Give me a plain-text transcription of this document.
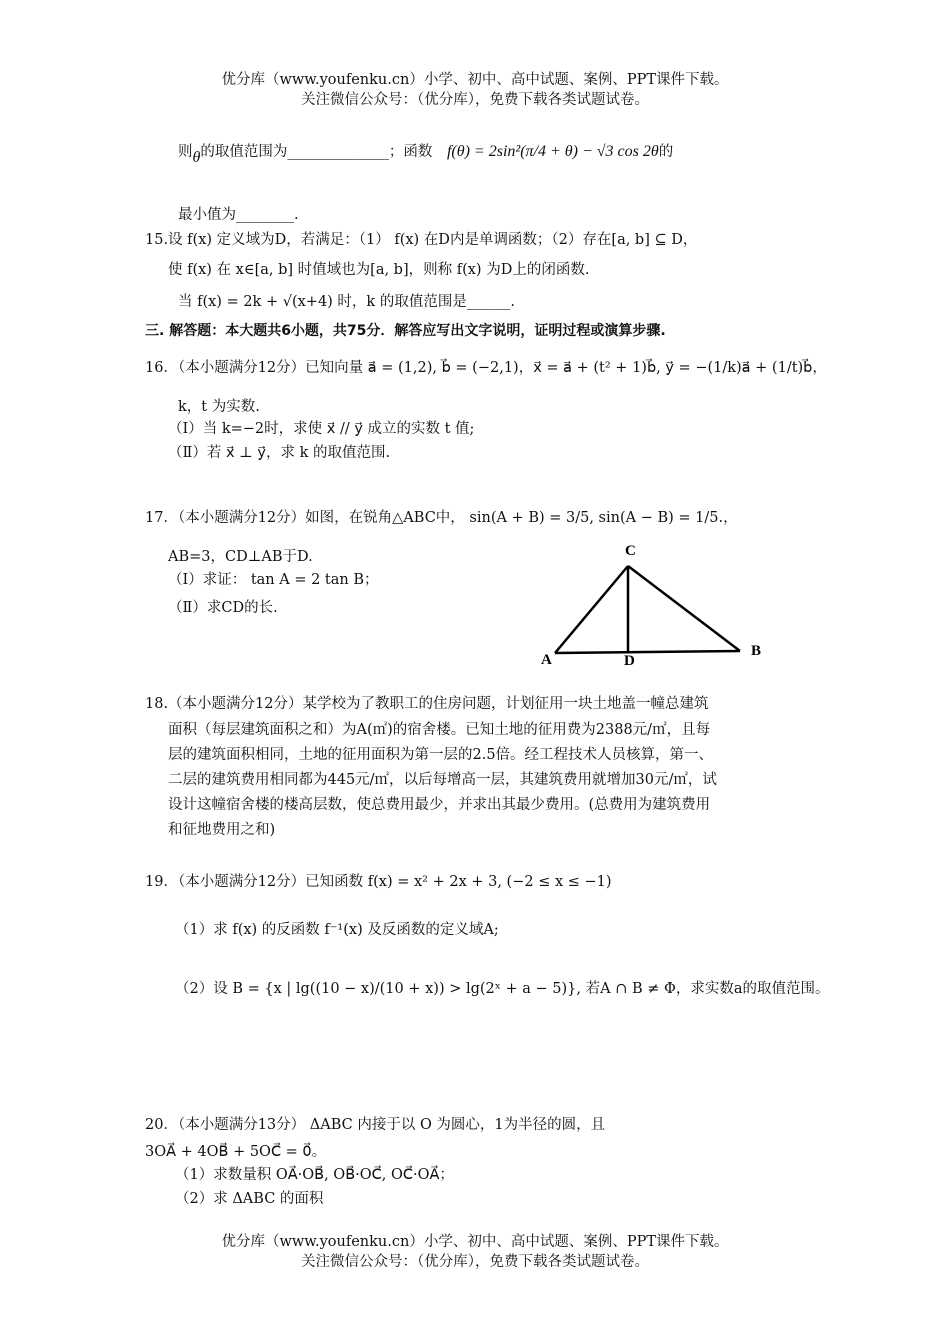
优分库（www.youfenku.cn）小学、初中、高中试题、案例、PPT课件下载。
关注微信公众号：（优分库），免费下载各类试题试卷。
则θ的取值范围为______________；函数 f(θ) = 2sin²(π/4 + θ) − √3 cos 2θ的
最小值为________.
15.设 f(x) 定义域为D，若满足：（1） f(x) 在D内是单调函数；（2）存在[a, b] ⊆ D，
使 f(x) 在 x∈[a, b] 时值域也为[a, b]，则称 f(x) 为D上的闭函数.
当 f(x) = 2k + √(x+4) 时，k 的取值范围是______.
三. 解答题：本大题共6小题，共75分．解答应写出文字说明，证明过程或演算步骤.
16．（本小题满分12分）已知向量 a⃗ = (1,2), b⃗ = (−2,1)，x⃗ = a⃗ + (t² + 1)b⃗, y⃗ = −(1/k)a⃗ + (1/t)b⃗，
k，t 为实数.
（Ⅰ）当 k=−2时，求使 x⃗ // y⃗ 成立的实数 t 值;
（Ⅱ）若 x⃗ ⊥ y⃗，求 k 的取值范围.
17．（本小题满分12分）如图，在锐角△ABC中， sin(A + B) = 3/5, sin(A − B) = 1/5.，
AB=3，CD⊥AB于D.
（Ⅰ）求证： tan A = 2 tan B；
（Ⅱ）求CD的长.
C
A	D
B
18.（本小题满分12分）某学校为了教职工的住房问题，计划征用一块土地盖一幢总建筑
面积（每层建筑面积之和）为A(㎡)的宿舍楼。已知土地的征用费为2388元/㎡，且每
层的建筑面积相同，土地的征用面积为第一层的2.5倍。经工程技术人员核算，第一、
二层的建筑费用相同都为445元/㎡，以后每增高一层，其建筑费用就增加30元/㎡，试
设计这幢宿舍楼的楼高层数，使总费用最少，并求出其最少费用。(总费用为建筑费用
和征地费用之和)
19．（本小题满分12分）已知函数 f(x) = x² + 2x + 3, (−2 ≤ x ≤ −1)
（1）求 f(x) 的反函数 f⁻¹(x) 及反函数的定义域A;
（2）设 B = {x | lg((10 − x)/(10 + x)) > lg(2ˣ + a − 5)}, 若A ∩ B ≠ Φ，求实数a的取值范围。
20．（本小题满分13分） ΔABC 内接于以 O 为圆心，1为半径的圆，且
3OA⃗ + 4OB⃗ + 5OC⃗ = 0⃗。
（1）求数量积 OA⃗·OB⃗, OB⃗·OC⃗, OC⃗·OA⃗；
（2）求 ΔABC 的面积
优分库（www.youfenku.cn）小学、初中、高中试题、案例、PPT课件下载。
关注微信公众号：（优分库），免费下载各类试题试卷。
